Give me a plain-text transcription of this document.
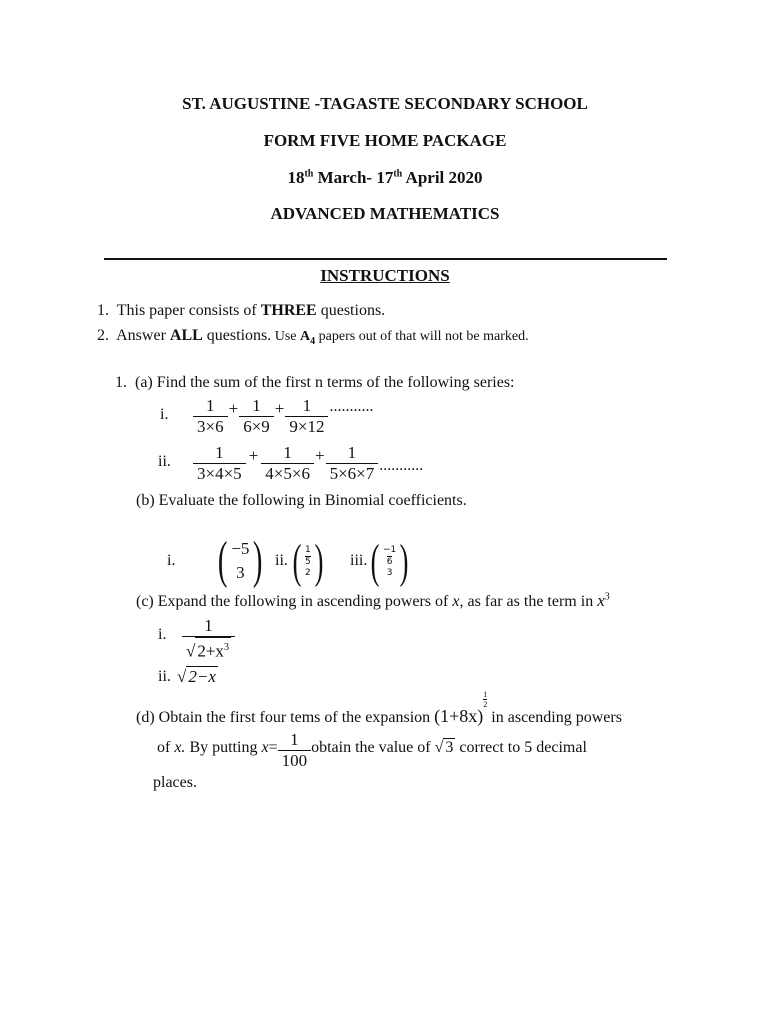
ST. AUGUSTINE -TAGASTE SECONDARY SCHOOL
FORM FIVE HOME PACKAGE
18th March- 17th April 2020
ADVANCED MATHEMATICS
INSTRUCTIONS
1. This paper consists of THREE questions.
2. Answer ALL questions. Use $A_4$ papers out of that will not be marked.
1. (a) Find the sum of the first n terms of the following series:
i. $\frac{1}{3\times 6} + \frac{1}{6\times 9} + \frac{1}{9\times 12}$ ...........
ii. $\frac{1}{3\times 4\times 5} + \frac{1}{4\times 5\times 6} + \frac{1}{5\times 6\times 7}$ ...........
(b) Evaluate the following in Binomial coefficients.
i. ( −5
3 ) ii. ( $\frac{1}{5}$
2 ) iii. ( $\frac{-1}{6}$
3 )
(c) Expand the following in ascending powers of x, as far as the term in $x^3$
i. $\frac{1}{√ 2+x^3}$
ii. √ 2−x
(d) Obtain the first four tems of the expansion (1+8x)
$\frac{1}{2}$
in ascending powers
of x. By putting $x= \frac{1}{100}$ obtain the value of √ 3 correct to 5 decimal
places.
